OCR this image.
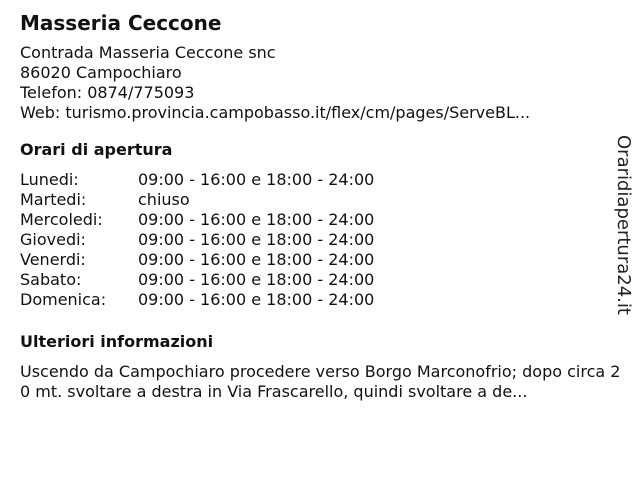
Masseria Ceccone
Contrada Masseria Ceccone snc
86020 Campochiaro
Telefon: 0874/775093
Web: turismo.provincia.campobasso.it/flex/cm/pages/ServeBL...
Orari di apertura
Lunedi:	09:00 - 16:00 e 18:00 - 24:00
Martedi:	chiuso
Mercoledi:	09:00 - 16:00 e 18:00 - 24:00
Giovedi:	09:00 - 16:00 e 18:00 - 24:00
Venerdi:	09:00 - 16:00 e 18:00 - 24:00
Sabato:	09:00 - 16:00 e 18:00 - 24:00
Domenica:	09:00 - 16:00 e 18:00 - 24:00
Ulteriori informazioni
Uscendo da Campochiaro procedere verso Borgo Marconofrio; dopo circa 20 mt. svoltare a destra in Via Frascarello, quindi svoltare a de...
Oraridiapertura24.it
